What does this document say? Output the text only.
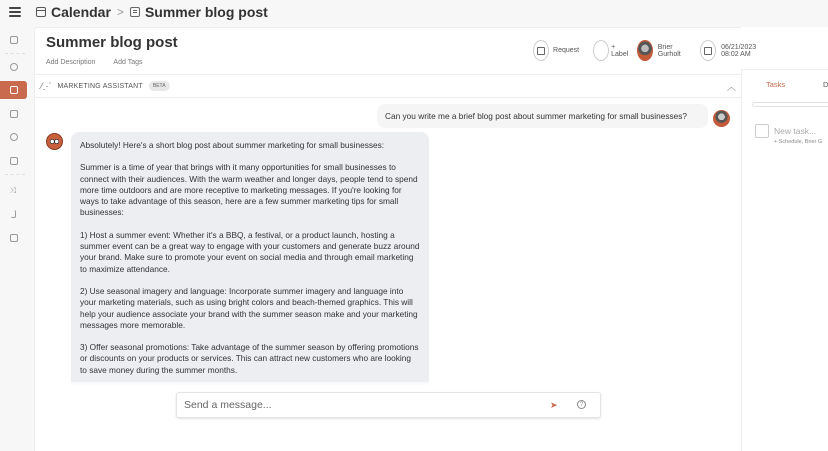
Calendar > Summer blog post
⤨
Summer blog post
Add Description	Add Tags
Request	+ Label
Brier Gurholt
06/21/2023 08:02 AM
⁄⋰ MARKETING ASSISTANT	BETA	︿
Can you write me a brief blog post about summer marketing for small businesses?

Absolutely! Here's a short blog post about summer marketing for small businesses:

Summer is a time of year that brings with it many opportunities for small businesses to connect with their audiences. With the warm weather and longer days, people tend to spend more time outdoors and are more receptive to marketing messages. If you're looking for ways to take advantage of this season, here are a few summer marketing tips for small businesses:

1) Host a summer event: Whether it's a BBQ, a festival, or a product launch, hosting a summer event can be a great way to engage with your customers and generate buzz around your brand. Make sure to promote your event on social media and through email marketing to maximize attendance.

2) Use seasonal imagery and language: Incorporate summer imagery and language into your marketing materials, such as using bright colors and beach-themed graphics. This will help your audience associate your brand with the summer season make and your marketing messages more memorable.

3) Offer seasonal promotions: Take advantage of the summer season by offering promotions or discounts on your products or services. This can attract new customers who are looking to save money during the summer months.

Send a message...
➤	?
Tasks	D
New task...
+ Schedule, Brier G
